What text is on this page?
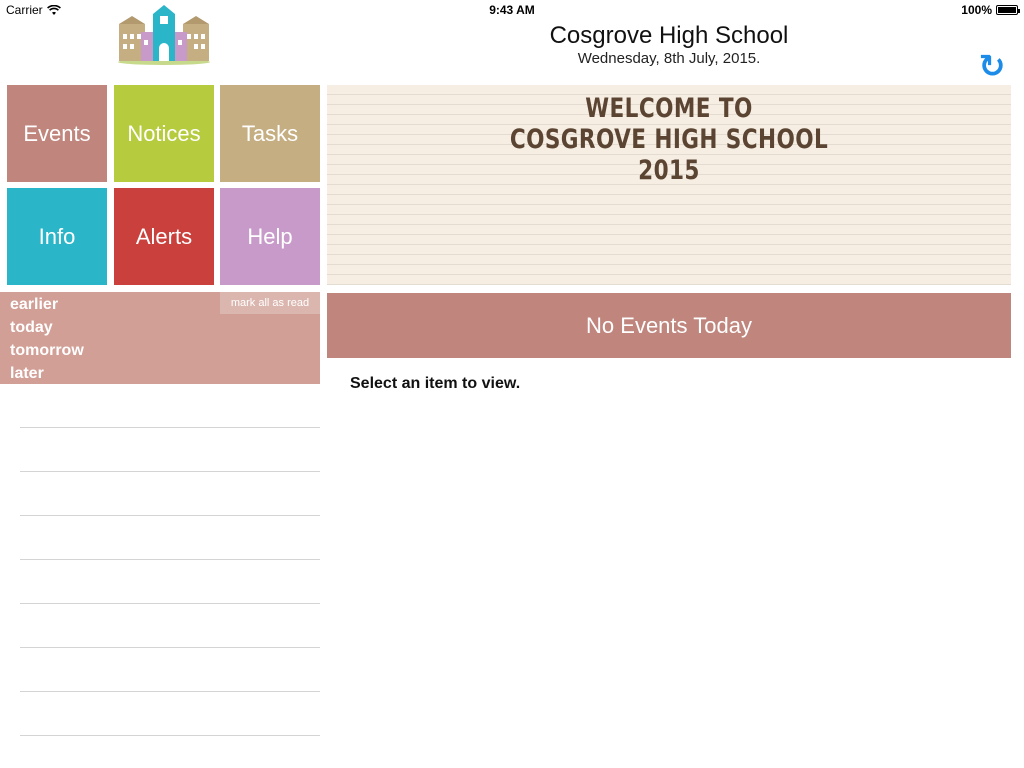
Carrier	9:43 AM	100%
Cosgrove High School
Wednesday, 8th July, 2015.	↻
Events Notices Tasks
Info	Alerts	Help
WELCOME TO
COSGROVE HIGH SCHOOL
2015
earlier
today
tomorrow
later
mark all as read
No Events Today
Select an item to view.
